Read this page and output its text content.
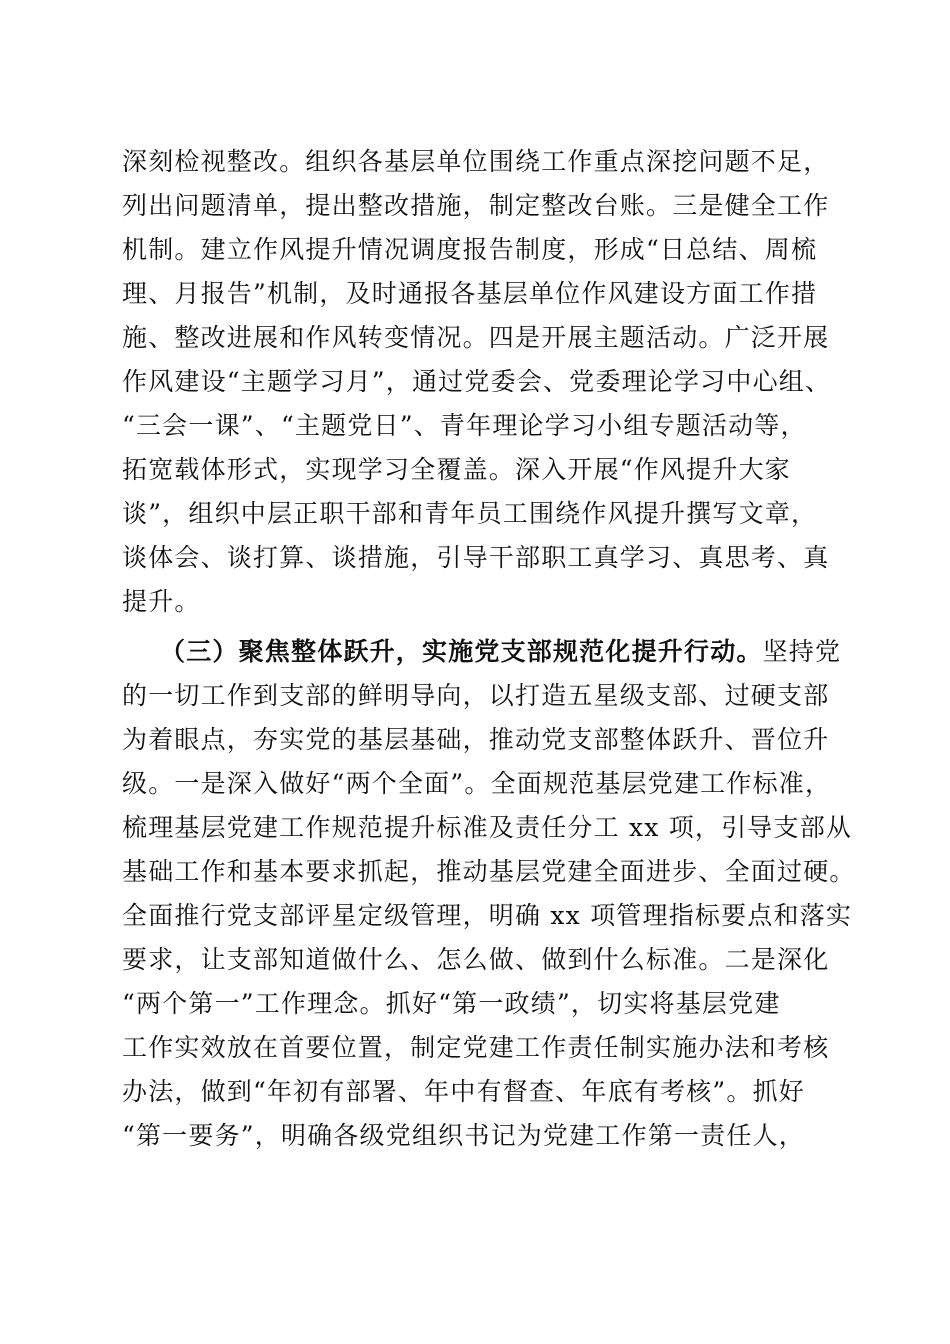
深刻检视整改。组织各基层单位围绕工作重点深挖问题不足，
列出问题清单，提出整改措施，制定整改台账。三是健全工作
机制。建立作风提升情况调度报告制度，形成“日总结、周梳
理、月报告”机制，及时通报各基层单位作风建设方面工作措
施、整改进展和作风转变情况。四是开展主题活动。广泛开展
作风建设“主题学习月”，通过党委会、党委理论学习中心组、
“三会一课”、“主题党日”、青年理论学习小组专题活动等，
拓宽载体形式，实现学习全覆盖。深入开展“作风提升大家
谈”，组织中层正职干部和青年员工围绕作风提升撰写文章，
谈体会、谈打算、谈措施，引导干部职工真学习、真思考、真
提升。
（三）聚焦整体跃升，实施党支部规范化提升行动。坚持党
的一切工作到支部的鲜明导向，以打造五星级支部、过硬支部
为着眼点，夯实党的基层基础，推动党支部整体跃升、晋位升
级。一是深入做好“两个全面”。全面规范基层党建工作标准，
梳理基层党建工作规范提升标准及责任分工 xx 项，引导支部从
基础工作和基本要求抓起，推动基层党建全面进步、全面过硬。
全面推行党支部评星定级管理，明确 xx 项管理指标要点和落实
要求，让支部知道做什么、怎么做、做到什么标准。二是深化
“两个第一”工作理念。抓好“第一政绩”，切实将基层党建
工作实效放在首要位置，制定党建工作责任制实施办法和考核
办法，做到“年初有部署、年中有督查、年底有考核”。抓好
“第一要务”，明确各级党组织书记为党建工作第一责任人，
